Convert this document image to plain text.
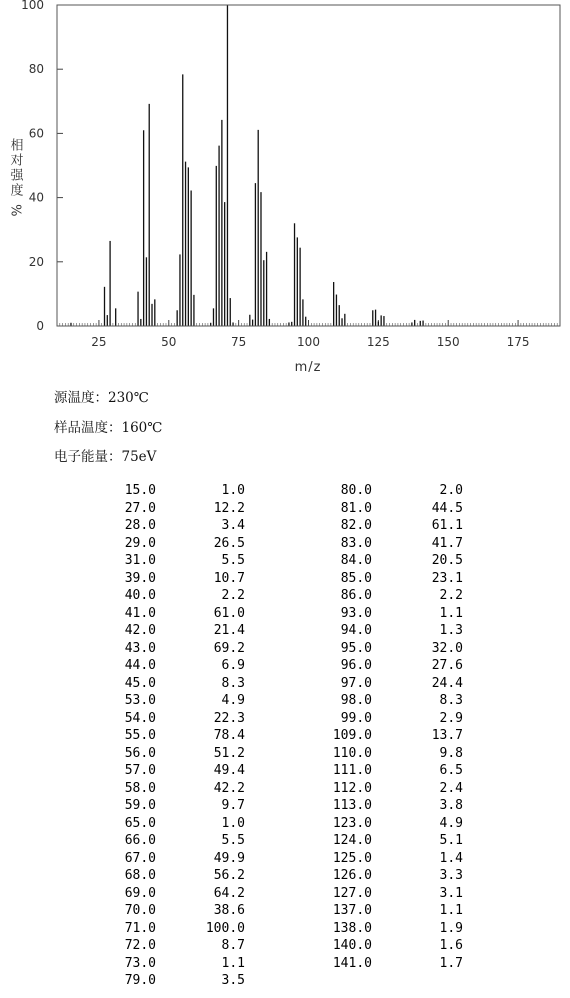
0
20
40
60
80
100
25	50	75	100	125	150	175
相对强度 %
m/z
源温度：230℃
样品温度：160℃
电子能量：75eV
15.0	1.0	80.0	2.0
27.0	12.2	81.0	44.5
28.0	3.4	82.0	61.1
29.0	26.5	83.0	41.7
31.0	5.5	84.0	20.5
39.0	10.7	85.0	23.1
40.0	2.2	86.0	2.2
41.0	61.0	93.0	1.1
42.0	21.4	94.0	1.3
43.0	69.2	95.0	32.0
44.0	6.9	96.0	27.6
45.0	8.3	97.0	24.4
53.0	4.9	98.0	8.3
54.0	22.3	99.0	2.9
55.0	78.4	109.0	13.7
56.0	51.2	110.0	9.8
57.0	49.4	111.0	6.5
58.0	42.2	112.0	2.4
59.0	9.7	113.0	3.8
65.0	1.0	123.0	4.9
66.0	5.5	124.0	5.1
67.0	49.9	125.0	1.4
68.0	56.2	126.0	3.3
69.0	64.2	127.0	3.1
70.0	38.6	137.0	1.1
71.0	100.0	138.0	1.9
72.0	8.7	140.0	1.6
73.0	1.1	141.0	1.7
79.0	3.5
